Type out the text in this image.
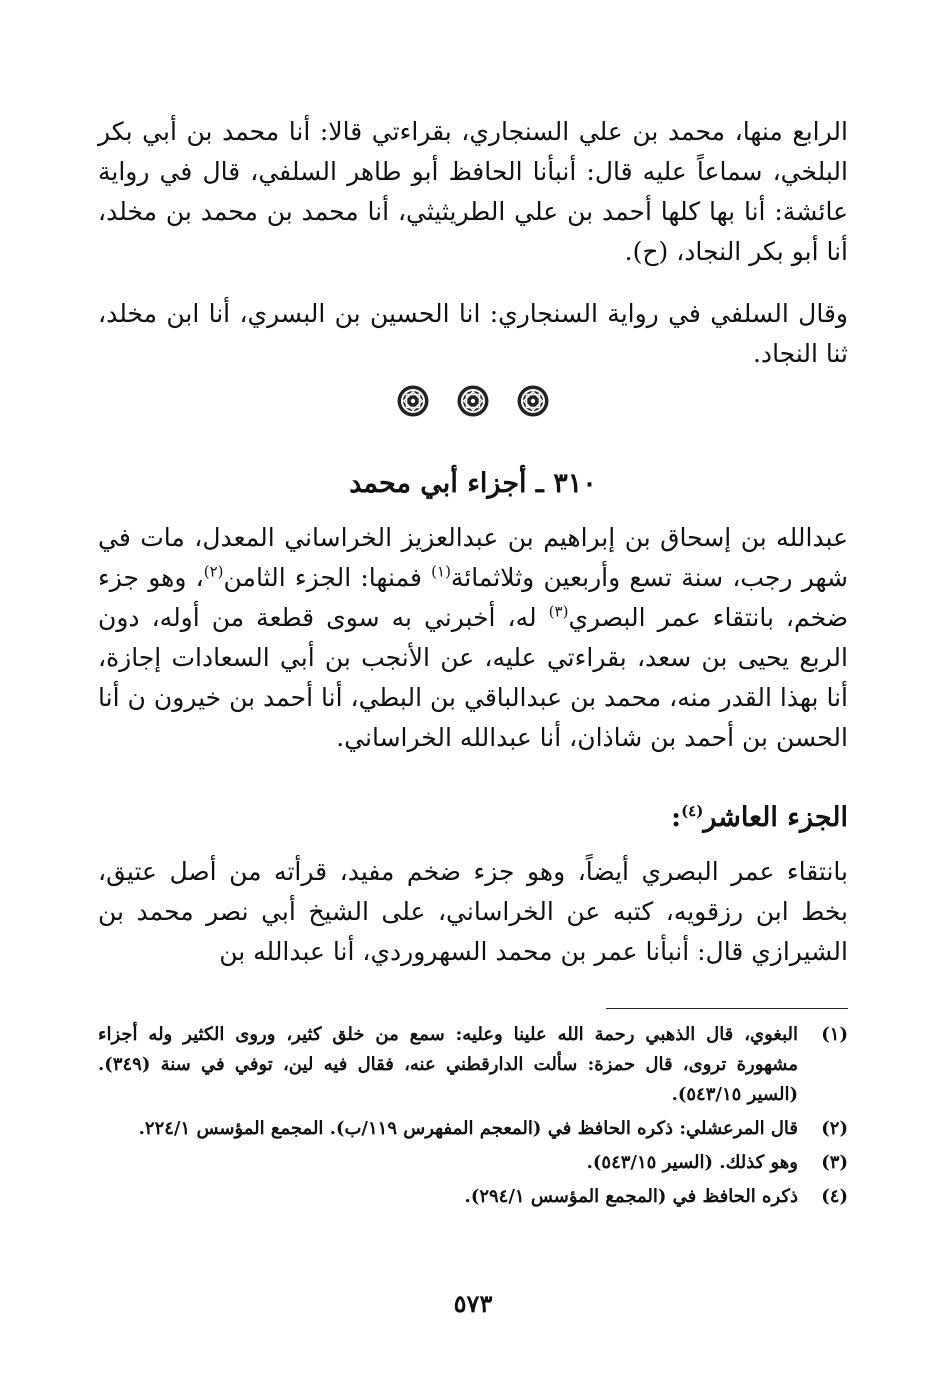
الرابع منها، محمد بن علي السنجاري، بقراءتي قالا: أنا محمد بن أبي بكر البلخي، سماعاً عليه قال: أنبأنا الحافظ أبو طاهر السلفي، قال في رواية عائشة: أنا بها كلها أحمد بن علي الطريثيثي، أنا محمد بن محمد بن مخلد، أنا أبو بكر النجاد، (ح).

وقال السلفي في رواية السنجاري: انا الحسين بن البسري، أنا ابن مخلد، ثنا النجاد.

٣١٠ ـ أجزاء أبي محمد

عبدالله بن إسحاق بن إبراهيم بن عبدالعزيز الخراساني المعدل، مات في شهر رجب، سنة تسع وأربعين وثلاثمائة$^{(١)}$ فمنها: الجزء الثامن$^{(٢)}$، وهو جزء ضخم، بانتقاء عمر البصري$^{(٣)}$ له، أخبرني به سوى قطعة من أوله، دون الربع يحيى بن سعد، بقراءتي عليه، عن الأنجب بن أبي السعادات إجازة، أنا بهذا القدر منه، محمد بن عبدالباقي بن البطي، أنا أحمد بن خيرون ن أنا الحسن بن أحمد بن شاذان، أنا عبدالله الخراساني.

الجزء العاشر$^{(٤)}$:

بانتقاء عمر البصري أيضاً، وهو جزء ضخم مفيد، قرأته من أصل عتيق، بخط ابن رزقويه، كتبه عن الخراساني، على الشيخ أبي نصر محمد بن الشيرازي قال: أنبأنا عمر بن محمد السهروردي، أنا عبدالله بن

(١)
البغوي، قال الذهبي رحمة الله علينا وعليه: سمع من خلق كثير، وروى الكثير وله أجزاء مشهورة تروى، قال حمزة: سألت الدارقطني عنه، فقال فيه لين، توفي في سنة (٣٤٩). (السير ٥٤٣/١٥).
(٢)
قال المرعشلي: ذكره الحافظ في (المعجم المفهرس ١١٩/ب). المجمع المؤسس ٢٢٤/١.
(٣)
وهو كذلك. (السير ٥٤٣/١٥).
(٤)
ذكره الحافظ في (المجمع المؤسس ٢٩٤/١).
٥٧٣
